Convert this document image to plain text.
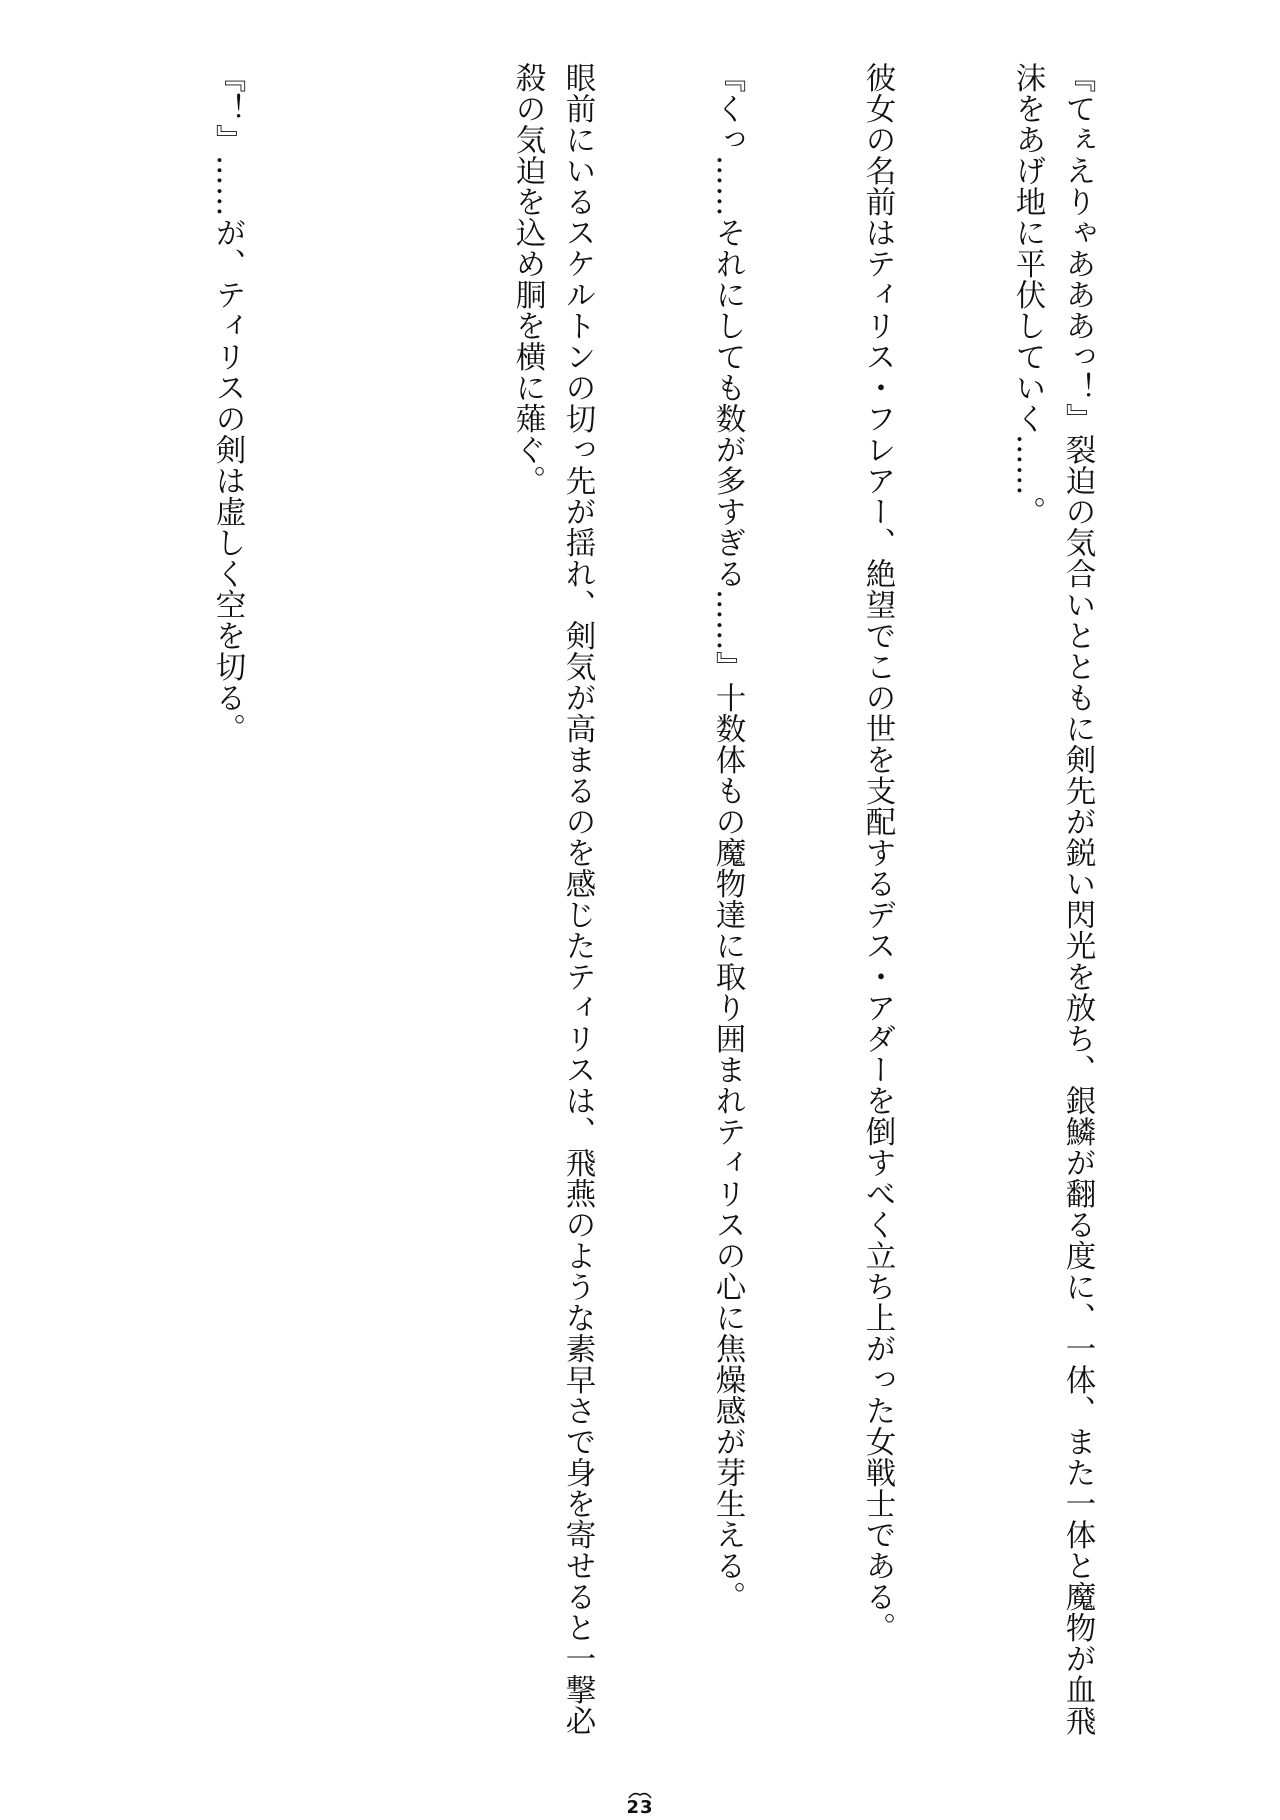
『てぇえりゃあああっ！』裂迫の気合いとともに剣先が鋭い閃光を放ち、銀鱗が翻る度に、一体、また一体と魔物が血飛沫をあげ地に平伏していく……。

彼女の名前はティリス・フレアー、絶望でこの世を支配するデス・アダーを倒すべく立ち上がった女戦士である。

『くっ……それにしても数が多すぎる……』十数体もの魔物達に取り囲まれティリスの心に焦燥感が芽生える。

眼前にいるスケルトンの切っ先が揺れ、剣気が高まるのを感じたティリスは、飛燕のような素早さで身を寄せると一撃必殺の気迫を込め胴を横に薙ぐ。

『！』……が、ティリスの剣は虚しく空を切る。

23
